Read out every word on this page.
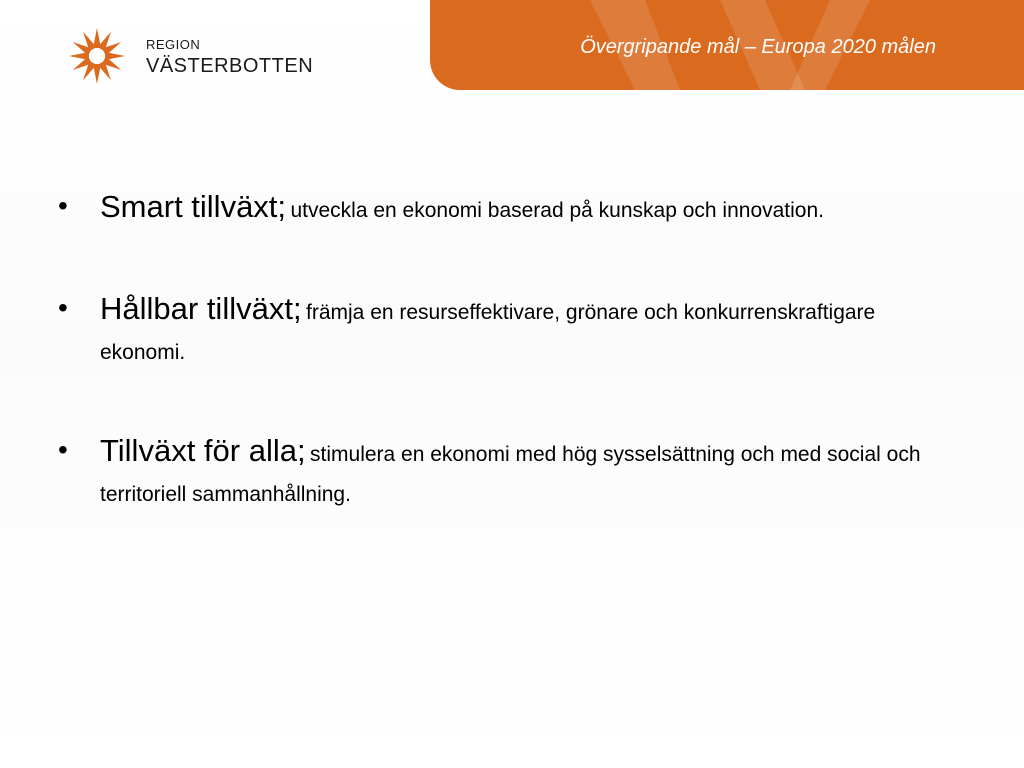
REGION
VÄSTERBOTTEN
Övergripande mål – Europa 2020 målen
• Smart tillväxt; utveckla en ekonomi baserad på kunskap och innovation.
• Hållbar tillväxt; främja en resurseffektivare, grönare och konkurrenskraftigare ekonomi.
• Tillväxt för alla; stimulera en ekonomi med hög sysselsättning och med social och territoriell sammanhållning.
